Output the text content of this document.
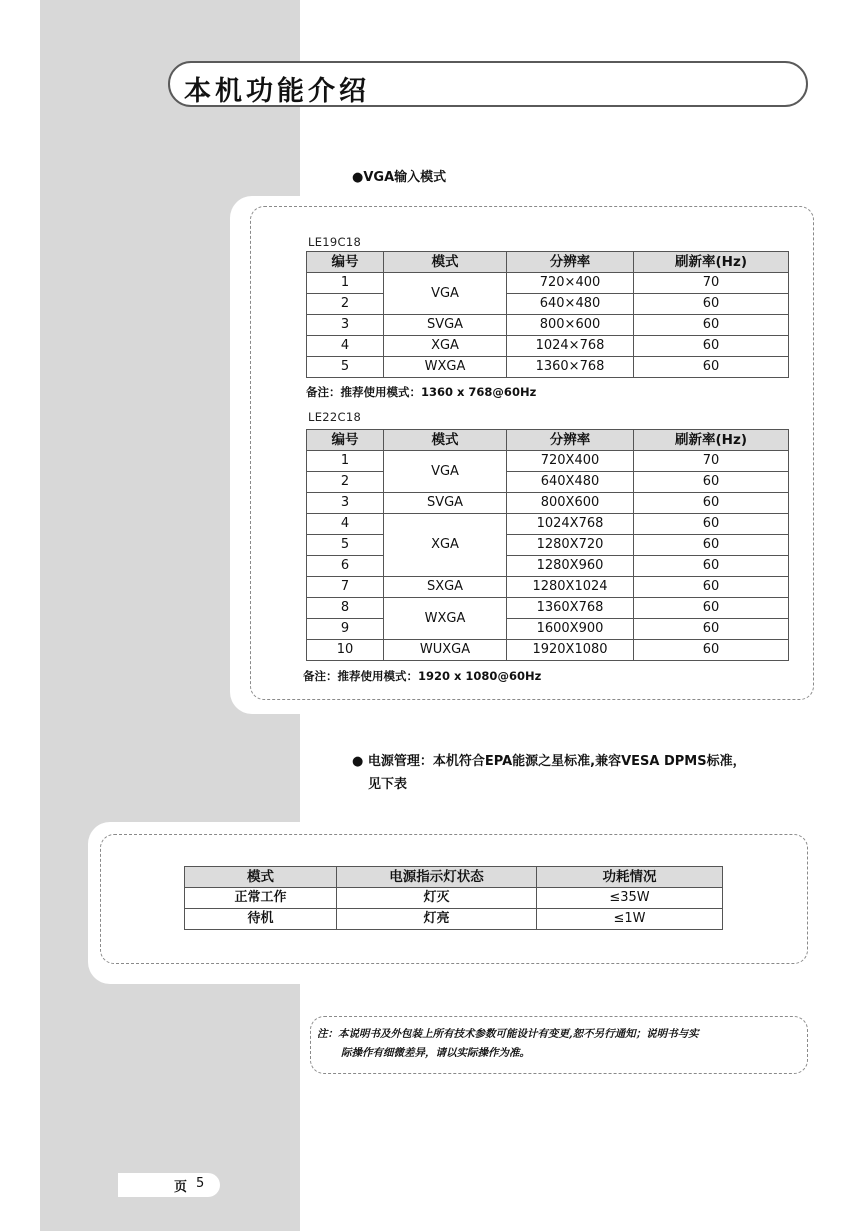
本机功能介绍
●VGA输入模式
LE19C18
编号	模式	分辨率	刷新率(Hz)
1	VGA	720×400	70
2		640×480	60
3	SVGA	800×600	60
4	XGA	1024×768	60
5	WXGA	1360×768	60
备注：推荐使用模式：1360 x 768@60Hz
LE22C18
编号	模式	分辨率	刷新率(Hz)
1	VGA	720X400	70
2		640X480	60
3	SVGA	800X600	60
4	XGA	1024X768	60
5		1280X720	60
6		1280X960	60
7	SXGA	1280X1024	60
8	WXGA	1360X768	60
9		1600X900	60
10	WUXGA	1920X1080	60
备注：推荐使用模式：1920 x 1080@60Hz
● 电源管理：本机符合EPA能源之星标准,兼容VESA DPMS标准，
见下表
模式	电源指示灯状态	功耗情况
正常工作	灯灭	≤35W
待机	灯亮	≤1W
注：本说明书及外包装上所有技术参数可能设计有变更,恕不另行通知；说明书与实
际操作有细微差异，请以实际操作为准。
页 5
